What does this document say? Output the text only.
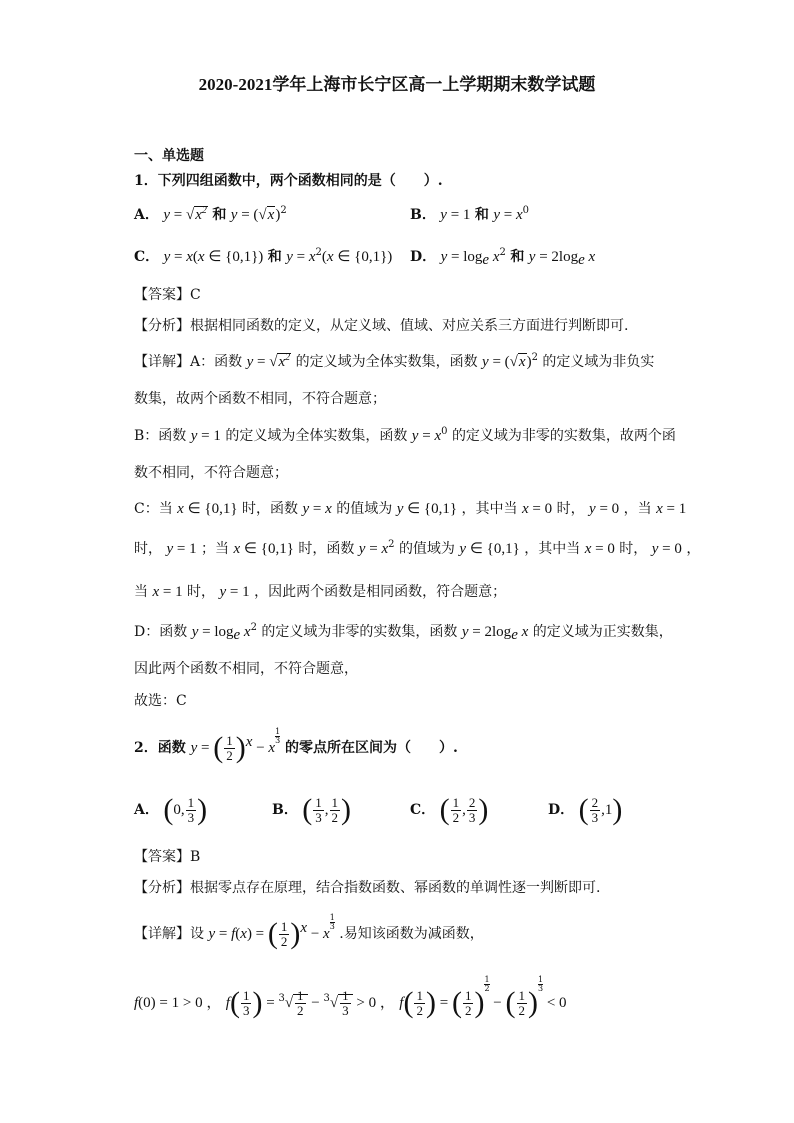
2020-2021学年上海市长宁区高一上学期期末数学试题
一、单选题
1．下列四组函数中，两个函数相同的是（　　）.
A． $y = √x^2$ 和 $y = (√x)^2$	B． y = 1 和 $y = x^0$
C． y = x(x ∈ {0,1}) 和 $y = x^2(x$ ∈ {0,1}) D． $y = \log_e x^2$ 和 $y = 2\log_e$ x
【答案】C
【分析】根据相同函数的定义，从定义域、值域、对应关系三方面进行判断即可.
【详解】A：函数 $y = √x^2$ 的定义域为全体实数集，函数 $y = (√x)^2$ 的定义域为非负实
数集，故两个函数不相同，不符合题意；
B：函数 y = 1 的定义域为全体实数集，函数 $y = x^0$ 的定义域为非零的实数集，故两个函
数不相同，不符合题意；
C：当 x ∈ {0,1} 时，函数 y = x 的值域为 y ∈ {0,1} ，其中当 x = 0 时， y = 0 ，当 x = 1
时， y = 1 ；当 x ∈ {0,1} 时，函数 $y = x^2$ 的值域为 y ∈ {0,1} ，其中当 x = 0 时， y = 0 ，
当 x = 1 时， y = 1 ，因此两个函数是相同函数，符合题意；
D：函数 $y = \log_e x^2$ 的定义域为非零的实数集，函数 $y = 2\log_e$ x 的定义域为正实数集，
因此两个函数不相同，不符合题意，
故选：C
2．函数 y = ( $\frac{1}{2} )^x - x$
$\frac{1}{3}$
的零点所在区间为（　　）.
A． (0, $\frac{1}{3}$ )	B． ( $\frac{1}{3}$ , $\frac{1}{2}$ )	C． ( $\frac{1}{2}$ , $\frac{2}{3}$ )	D． ( $\frac{2}{3} ,1$)
【答案】B
【分析】根据零点存在原理，结合指数函数、幂函数的单调性逐一判断即可.
【详解】设 y = f(x) = ( $\frac{1}{2} )^x - x$
$\frac{1}{3}$
.易知该函数为减函数，
f(0) = 1 > 0 ， $f( \frac{1}{3}$ ) = $^3√ \frac{1}{2} - ^3√ \frac{1}{3} > 0$ ， $f( \frac{1}{2}$ ) = ( $\frac{1}{2}$ )
$\frac{1}{2}$
− ( $\frac{1}{2}$ )
$\frac{1}{3}$
< 0
